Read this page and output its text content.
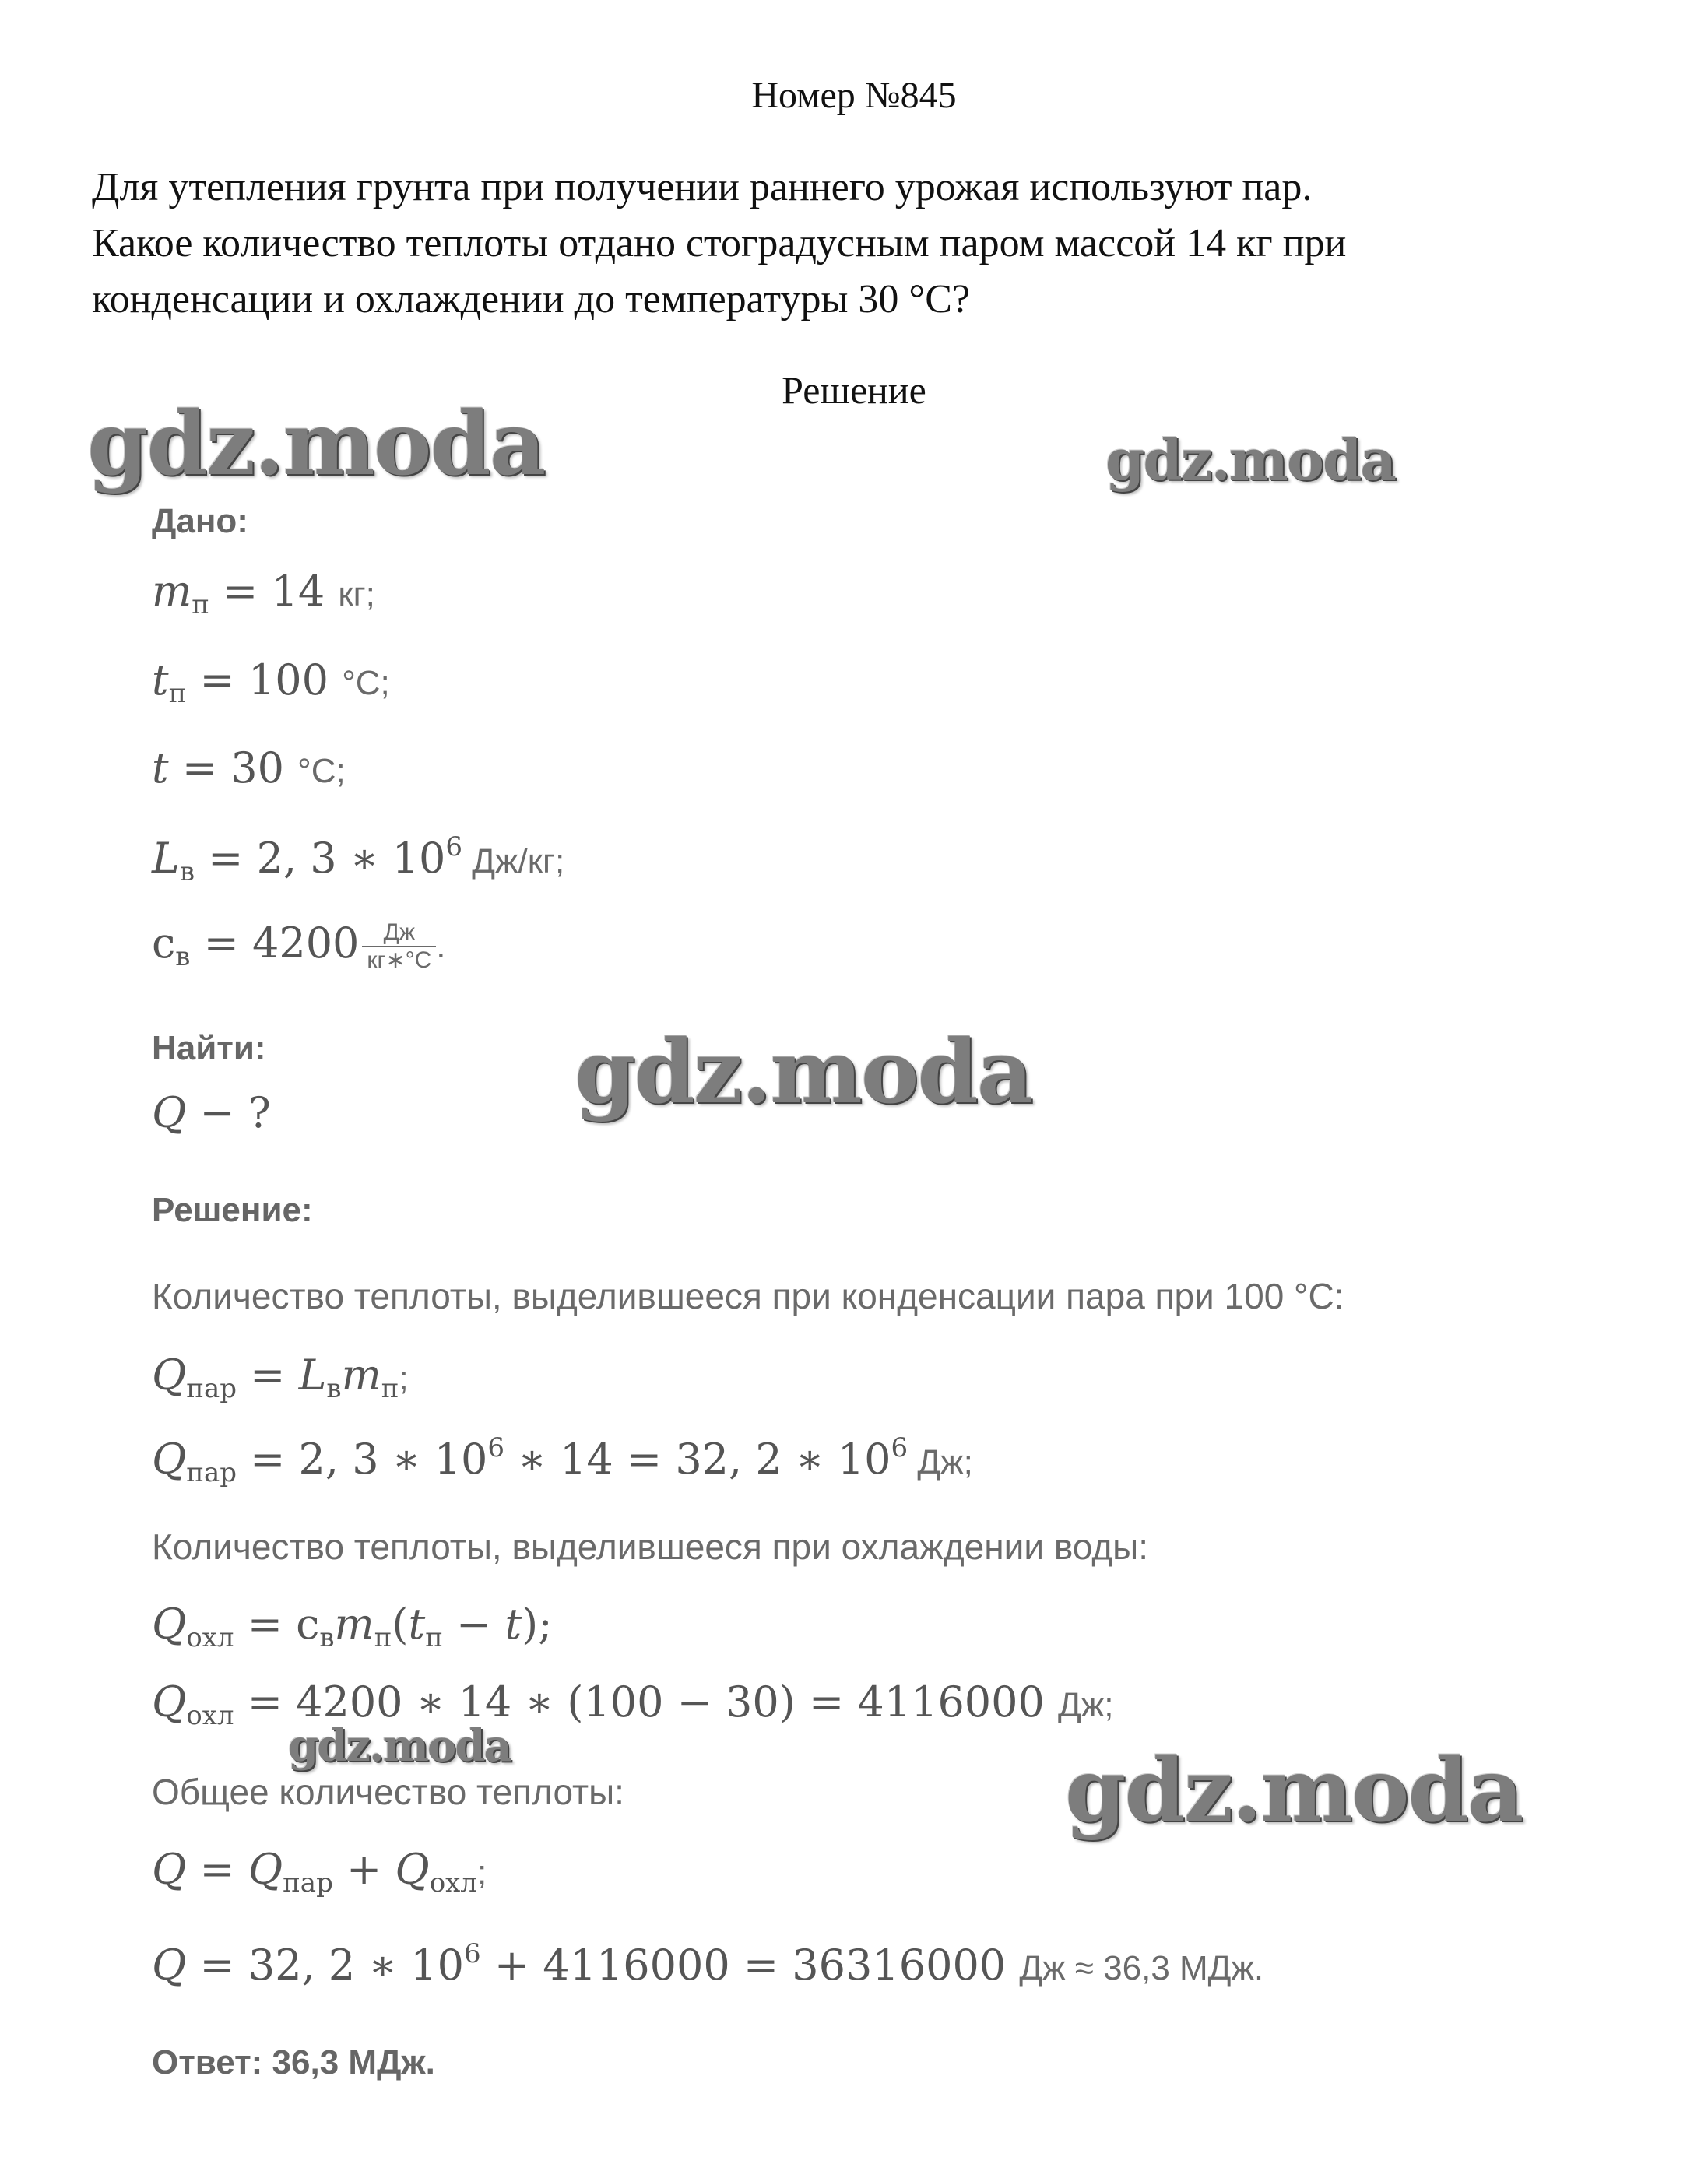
Номер №845
Для утепления грунта при получении раннего урожая используют пар.
Какое количество теплоты отдано стоградусным паром массой 14 кг при
конденсации и охлаждении до температуры 30 °С?
Решение
gdz.moda	gdz.moda
gdz.moda
Дано:
$m_п = 14$ кг;
$t_п = 100$ °С;
t = 30 °С;
$L_в = 2$, 3 ∗ $10^6$ Дж/кг;
$c_в = 4200 \frac{Дж}{кг∗^\circ С}$ .
Найти:
Q − ?
Решение:
Количество теплоты, выделившееся при конденсации пара при 100 °С:
$Q_{пар} = L_вm_п$;
$Q_{пар} = 2$, 3 ∗ $10^6$ ∗ 14 = 32, 2 ∗ $10^6$ Дж;
Количество теплоты, выделившееся при охлаждении воды:
$Q_{охл} = c_вm_п(t_п - t)$;
$Q_{охл} = 4200$ ∗ 14 ∗ (100 − 30) = 4116000 Дж;
gdz.moda
Общее количество теплоты:	gdz.moda
$Q = Q_{пар} + Q_{охл}$;
Q = 32, 2 ∗ $10^6 + 4116000 = 36316000$ Дж ≈ 36,3 МДж.
Ответ: 36,3 МДж.
